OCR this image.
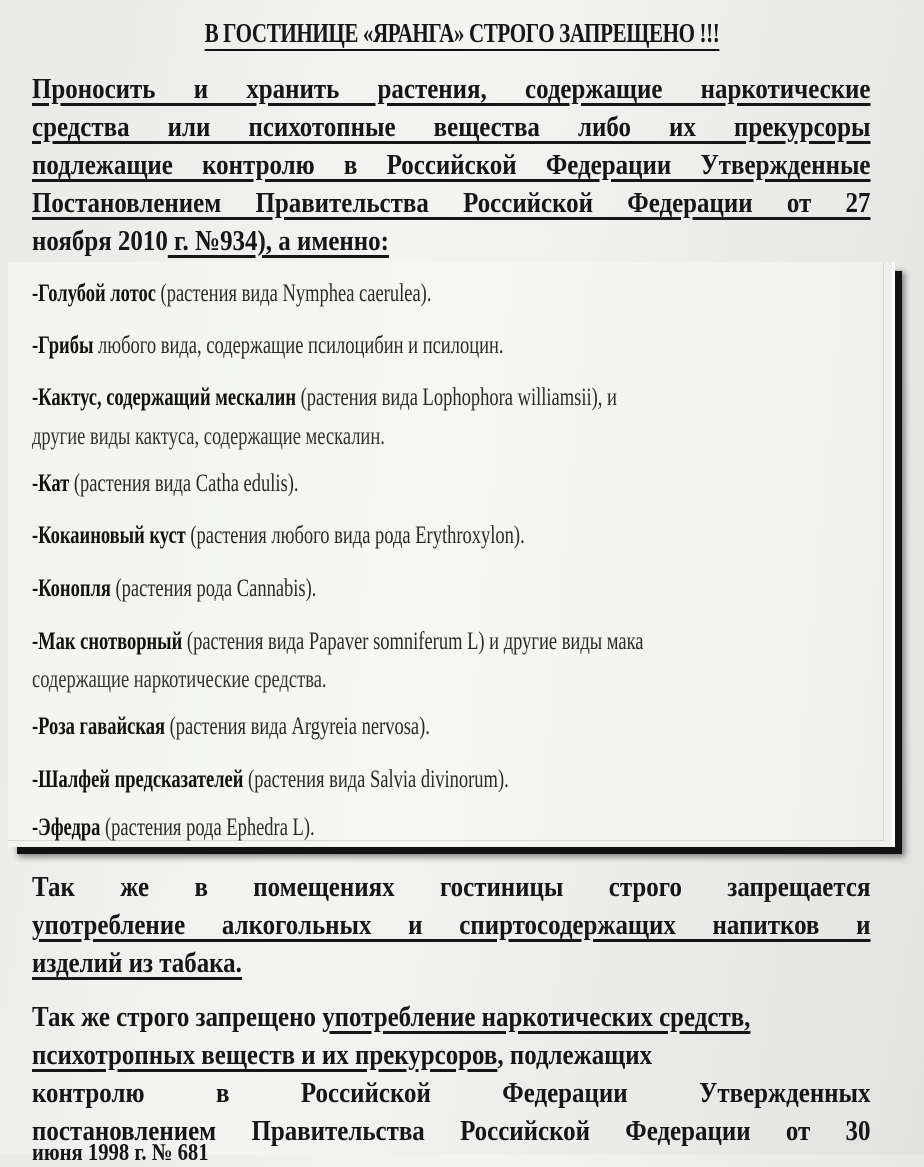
В ГОСТИНИЦЕ «ЯРАНГА» СТРОГО ЗАПРЕЩЕНО !!!
Проносить и хранить растения, содержащие наркотические
средства или психотопные вещества либо их прекурсоры
подлежащие контролю в Российской Федерации Утвержденные
Постановлением Правительства Российской Федерации от 27
ноября 2010 г. №934), а именно:
-Голубой лотос (растения вида Nymphea caerulea).
-Грибы любого вида, содержащие псилоцибин и псилоцин.
-Кактус, содержащий мескалин (растения вида Lophophora williamsii), и
другие виды кактуса, содержащие мескалин.
-Кат (растения вида Catha edulis).
-Кокаиновый куст (растения любого вида рода Erythroxylon).
-Конопля (растения рода Cannabis).
-Мак снотворный (растения вида Papaver somniferum L) и другие виды мака
содержащие наркотические средства.
-Роза гавайская (растения вида Argyreia nervosa).
-Шалфей предсказателей (растения вида Salvia divinorum).
-Эфедра (растения рода Ephedra L).
Так же в помещениях гостиницы строго запрещается
употребление алкогольных и спиртосодержащих напитков и
изделий из табака.
Так же строго запрещено употребление наркотических средств,
психотропных веществ и их прекурсоров, подлежащих
контролю в Российской Федерации Утвержденных
постановлением Правительства Российской Федерации от 30
июня 1998 г. № 681
